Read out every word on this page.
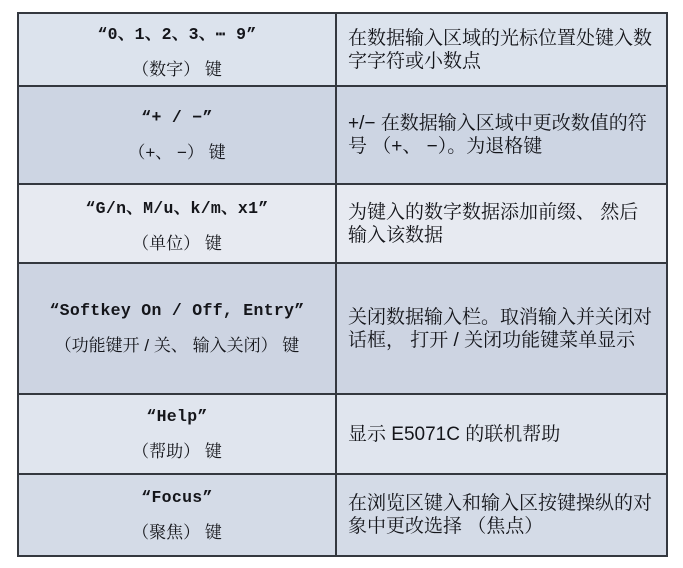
“0、1、2、3、⋯ 9”
（数字） 键
在数据输入区域的光标位置处键入数字字符或小数点
“+ / −”
（+、 −） 键
+/− 在数据输入区域中更改数值的符号 （+、 −）。为退格键
“G/n、M/u、k/m、x1”
（单位） 键
为键入的数字数据添加前缀、 然后输入该数据
“Softkey On / Off, Entry”
（功能键开 / 关、 输入关闭） 键
关闭数据输入栏。取消输入并关闭对话框， 打开 / 关闭功能键菜单显示
“Help”
（帮助） 键
显示 E5071C 的联机帮助
“Focus”
（聚焦） 键
在浏览区键入和输入区按键操纵的对象中更改选择 （焦点）
